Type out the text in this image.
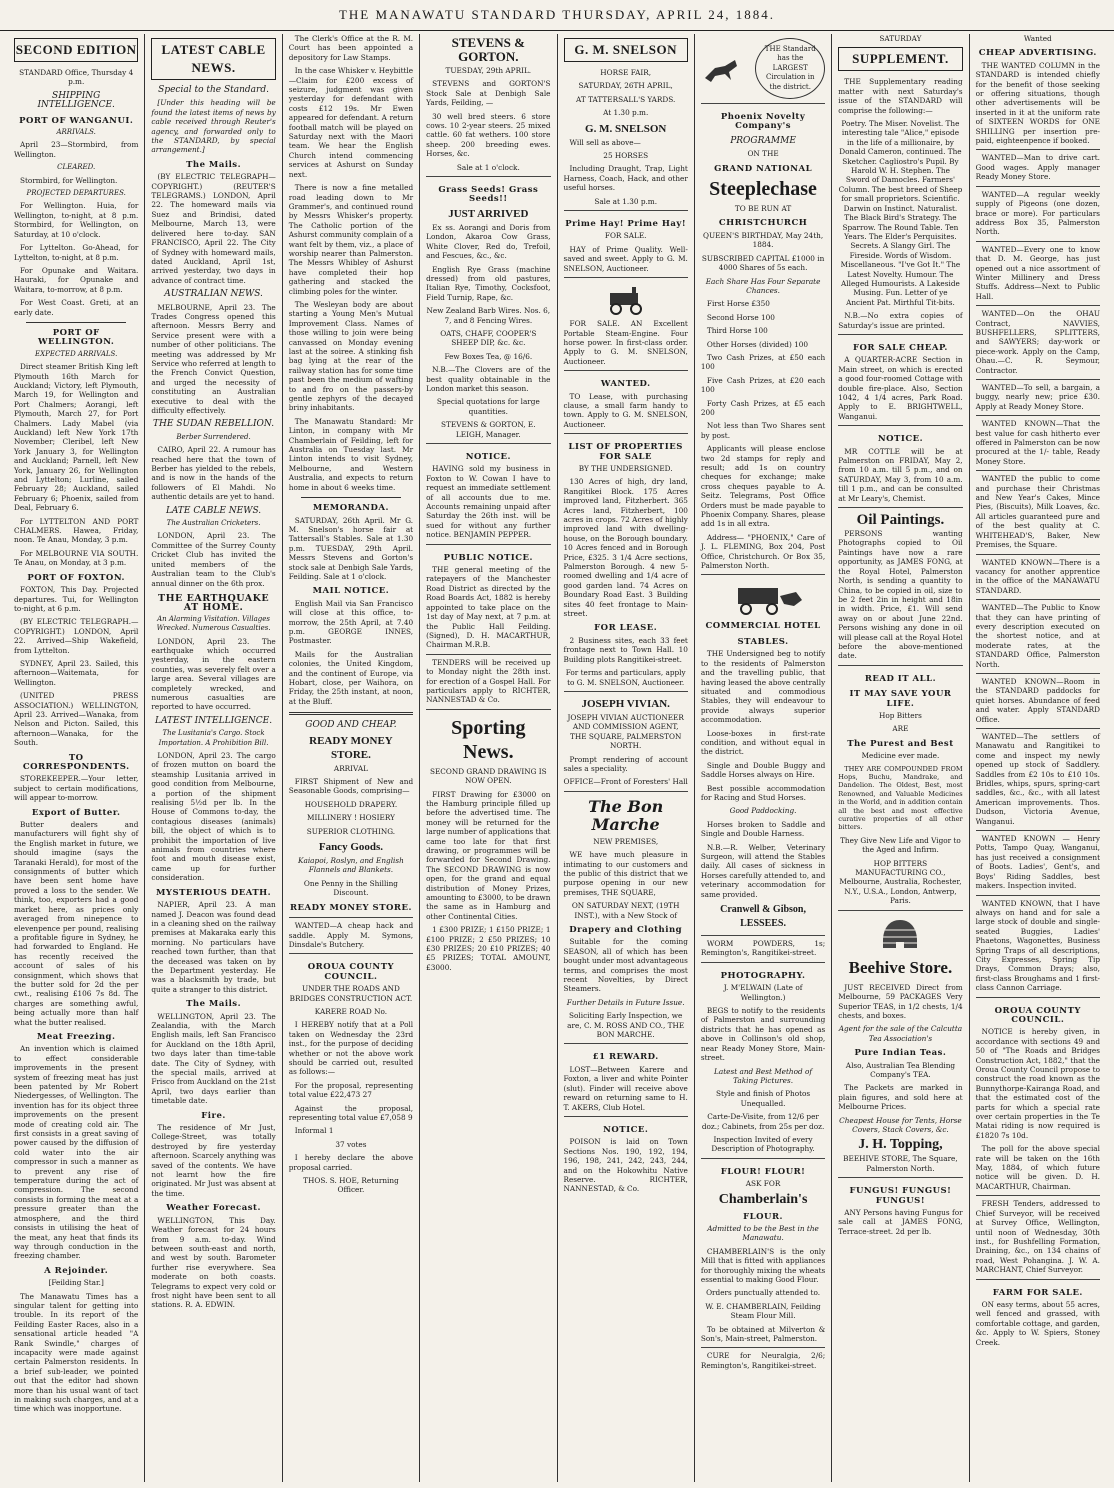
THE MANAWATU STANDARD THURSDAY, APRIL 24, 1884.
SECOND EDITION

STANDARD Office, Thursday 4 p.m.

SHIPPING INTELLIGENCE.
PORT OF WANGANUI.
ARRIVALS.

April 23—Stormbird, from Wellington.

CLEARED.

Stormbird, for Wellington.

PROJECTED DEPARTURES.

For Wellington. Huia, for Wellington, to-night, at 8 p.m. Stormbird, for Wellington, on Saturday, at 10 o'clock.

For Lyttelton. Go-Ahead, for Lyttelton, to-night, at 8 p.m.

For Opunake and Waitara. Hauraki, for Opunake and Waitara, to-morrow, at 8 p.m.

For West Coast. Greti, at an early date.

PORT OF WELLINGTON.
EXPECTED ARRIVALS.

Direct steamer British King left Plymouth 16th March for Auckland; Victory, left Plymouth, March 19, for Wellington and Port Chalmers; Aorangi, left Plymouth, March 27, for Port Chalmers. Lady Mabel (via Auckland) left New York 17th November; Cleribel, left New York January 3, for Wellington and Auckland; Parnell, left New York, January 26, for Wellington and Lyttelton; Lurline, sailed February 28; Auckland, sailed February 6; Phoenix, sailed from Deal, February 6.

For LYTTELTON AND PORT CHALMERS. Hawea, Friday, noon. Te Anau, Monday, 3 p.m.

For MELBOURNE VIA SOUTH. Te Anau, on Monday, at 3 p.m.

PORT OF FOXTON.

FOXTON, This Day. Projected departures. Tui, for Wellington to-night, at 6 p.m.

(BY ELECTRIC TELEGRAPH.—COPYRIGHT.) LONDON, April 22. Arrived—Ship Wakefield, from Lyttelton.

SYDNEY, April 23. Sailed, this afternoon—Waitemata, for Wellington.

(UNITED PRESS ASSOCIATION.) WELLINGTON, April 23. Arrived—Wanaka, from Nelson and Picton. Sailed, this afternoon—Wanaka, for the South.

TO CORRESPONDENTS.

STOREKEEPER.—Your letter, subject to certain modifications, will appear to-morrow.

Export of Butter.

Butter dealers and manufacturers will fight shy of the English market in future, we should imagine (says the Taranaki Herald), for most of the consignments of butter which have been sent home have proved a loss to the sender. We think, too, exporters had a good market here, as prices only averaged from ninepence to elevenpence per pound, realising a profitable figure in Sydney, he had forwarded to England. He has recently received the account of sales of his consignment, which shows that the butter sold for 2d the per cwt., realising £106 7s 8d. The charges are something awful, being actually more than half what the butter realised.

Meat Freezing.

An invention which is claimed to effect considerable improvements in the present system of freezing meat has just been patented by Mr Robert Niedergesses, of Wellington. The invention has for its object three improvements on the present mode of creating cold air. The first consists in a great saving of power caused by the diffusion of cold water into the air compressor in such a manner as to prevent any rise of temperature during the act of compression. The second consists in forming the meat at a pressure greater than the atmosphere, and the third consists in utilising the heat of the meat, any heat that finds its way through conduction in the freezing chamber.

A Rejoinder.

[Feilding Star.]

The Manawatu Times has a singular talent for getting into trouble. In its report of the Feilding Easter Races, also in a sensational article headed "A Rank Swindle," charges of incapacity were made against certain Palmerston residents. In a brief sub-leader, we pointed out that the editor had shown more than his usual want of tact in making such charges, and at a time which was inopportune.

LATEST CABLE NEWS.
Special to the Standard.

[Under this heading will be found the latest items of news by cable received through Reuter's agency, and forwarded only to the STANDARD, by special arrangement.]

The Mails.

(BY ELECTRIC TELEGRAPH—COPYRIGHT.) (REUTER'S TELEGRAMS.) LONDON, April 22. The homeward mails via Suez and Brindisi, dated Melbourne, March 13, were delivered here to-day. SAN FRANCISCO, April 22. The City of Sydney with homeward mails, dated Auckland, April 1st, arrived yesterday, two days in advance of contract time.

AUSTRALIAN NEWS.

MELBOURNE, April 23. The Trades Congress opened this afternoon. Messrs Berry and Service present were with a number of other politicians. The meeting was addressed by Mr Service who referred at length to the French Convict Question, and urged the necessity of constituting an Australian executive to deal with the difficulty effectively.

THE SUDAN REBELLION.
Berber Surrendered.

CAIRO, April 22. A rumour has reached here that the town of Berber has yielded to the rebels, and is now in the hands of the followers of El Mahdi. No authentic details are yet to hand.

LATE CABLE NEWS.
The Australian Cricketers.

LONDON, April 23. The Committee of the Surrey County Cricket Club has invited the united members of the Australian team to the Club's annual dinner on the 6th prox.

THE EARTHQUAKE AT HOME.
An Alarming Visitation. Villages Wrecked. Numerous Casualties.

LONDON, April 23. The earthquake which occurred yesterday, in the eastern counties, was severely felt over a large area. Several villages are completely wrecked, and numerous casualties are reported to have occurred.

LATEST INTELLIGENCE.
The Lusitania's Cargo. Stock Importation. A Prohibition Bill.

LONDON, April 23. The cargo of frozen mutton on board the steamship Lusitania arrived in good condition from Melbourne, a portion of the shipment realising 5½d per lb. In the House of Commons to-day, the contagious diseases (animals) bill, the object of which is to prohibit the importation of live animals from countries where foot and mouth disease exist, came up for further consideration.

MYSTERIOUS DEATH.

NAPIER, April 23. A man named J. Deacon was found dead in a cleaning shed on the railway premises at Makaraka early this morning. No particulars have reached town further, than that the deceased was taken on by the Department yesterday. He was a blacksmith by trade, but quite a stranger to this district.

The Mails.

WELLINGTON, April 23. The Zealandia, with the March English mails, left San Francisco for Auckland on the 18th April, two days later than time-table date. The City of Sydney, with the special mails, arrived at Frisco from Auckland on the 21st April, two days earlier than timetable date.

Fire.

The residence of Mr Just, College-Street, was totally destroyed by fire yesterday afternoon. Scarcely anything was saved of the contents. We have not learnt how the fire originated. Mr Just was absent at the time.

Weather Forecast.

WELLINGTON, This Day. Weather forecast for 24 hours from 9 a.m. to-day. Wind between south-east and north, and west by south. Barometer further rise everywhere. Sea moderate on both coasts. Telegrams to expect very cold or frost night have been sent to all stations. R. A. EDWIN.

The Clerk's Office at the R. M. Court has been appointed a depository for Law Stamps.

In the case Whisker v. Heybittle—Claim for £200 excess of seizure, judgment was given yesterday for defendant with costs £12 19s. Mr Ewen appeared for defendant. A return football match will be played on Saturday next with the Maori team. We hear the English Church intend commencing services at Ashurst on Sunday next.

There is now a fine metalled road leading down to Mr Grammer's, and continued round by Messrs Whisker's property. The Catholic portion of the Ashurst community complain of a want felt by them, viz., a place of worship nearer than Palmerston. The Messrs Whibley of Ashurst have completed their hop gathering and stacked the climbing poles for the winter.

The Wesleyan body are about starting a Young Men's Mutual Improvement Class. Names of those willing to join were being canvassed on Monday evening last at the soiree. A stinking fish bag lying at the rear of the railway station has for some time past been the medium of wafting to and fro on the passers-by gentle zephyrs of the decayed briny inhabitants.

The Manawatu Standard: Mr Linton, in company with Mr Chamberlain of Feilding, left for Australia on Tuesday last. Mr Linton intends to visit Sydney, Melbourne, and Western Australia, and expects to return home in about 6 weeks time.

MEMORANDA.

SATURDAY, 26th April. Mr G. M. Snelson's horse fair at Tattersall's Stables. Sale at 1.30 p.m. TUESDAY, 29th April. Messrs Stevens and Gorton's stock sale at Denbigh Sale Yards, Feilding. Sale at 1 o'clock.

MAIL NOTICE.

English Mail via San Francisco will close at this office, to-morrow, the 25th April, at 7.40 p.m. GEORGE INNES, Postmaster.

Mails for the Australian colonies, the United Kingdom, and the continent of Europe, via Hobart, close, per Waihora, on Friday, the 25th instant, at noon, at the Bluff.

GOOD AND CHEAP.
READY MONEY STORE.

ARRIVAL

FIRST Shipment of New and Seasonable Goods, comprising—

HOUSEHOLD DRAPERY.

MILLINERY ! HOSIERY

SUPERIOR CLOTHING.

Fancy Goods.

Kaiapoi, Roslyn, and English Flannels and Blankets.

One Penny in the Shilling Discount.

READY MONEY STORE.

WANTED—A cheap hack and saddle. Apply M. Symons, Dinsdale's Butchery.

OROUA COUNTY COUNCIL.

UNDER THE ROADS AND BRIDGES CONSTRUCTION ACT.

KARERE ROAD No.

I HEREBY notify that at a Poll taken on Wednesday the 23rd inst., for the purpose of deciding whether or not the above work should be carried out, resulted as follows:—

For the proposal, representing total value £22,473 27

Against the proposal, representing total value £7,058 9

Informal 1

37 votes

I hereby declare the above proposal carried.

THOS. S. HOE, Returning Officer.

STEVENS & GORTON.

TUESDAY, 29th APRIL.

STEVENS and GORTON'S Stock Sale at Denbigh Sale Yards, Feilding, —

30 well bred steers. 6 store cows. 10 2-year steers. 25 mixed cattle. 60 fat wethers. 100 store sheep. 200 breeding ewes. Horses, &c.

Sale at 1 o'clock.

Grass Seeds! Grass Seeds!!
JUST ARRIVED

Ex ss. Aorangi and Doris from London, Akaroa Cow Grass, White Clover, Red do, Trefoil, and Fescues, &c., &c.

English Rye Grass (machine dressed) from old pastures, Italian Rye, Timothy, Cocksfoot, Field Turnip, Rape, &c.

New Zealand Barb Wires. Nos. 6, 7, and 8 Fencing Wires.

OATS, CHAFF, COOPER'S SHEEP DIP, &c. &c.

Few Boxes Tea, @ 16/6.

N.B.—The Clovers are of the best quality obtainable in the London market this season.

Special quotations for large quantities.

STEVENS & GORTON, E. LEIGH, Manager.

NOTICE.

HAVING sold my business in Foxton to W. Cowan I have to request an immediate settlement of all accounts due to me. Accounts remaining unpaid after Saturday the 26th inst. will be sued for without any further notice. BENJAMIN PEPPER.

PUBLIC NOTICE.

THE general meeting of the ratepayers of the Manchester Road District as directed by the Road Boards Act, 1882 is hereby appointed to take place on the 1st day of May next, at 7 p.m. at the Public Hall Feilding. (Signed), D. H. MACARTHUR, Chairman M.R.B.

TENDERS will be received up to Monday night the 28th inst. for erection of a Gospel Hall. For particulars apply to RICHTER, NANNESTAD & Co.

Sporting News.

SECOND GRAND DRAWING IS NOW OPEN.

FIRST Drawing for £3000 on the Hamburg principle filled up before the advertised time. The money will be returned for the large number of applications that came too late for that first drawing, or programmes will be forwarded for Second Drawing. The SECOND DRAWING is now open, for the grand and equal distribution of Money Prizes, amounting to £3000, to be drawn the same as in Hamburg and other Continental Cities.

1 £300 PRIZE; 1 £150 PRIZE; 1 £100 PRIZE; 2 £50 PRIZES; 10 £30 PRIZES; 20 £10 PRIZES; 40 £5 PRIZES; TOTAL AMOUNT, £3000.

G. M. SNELSON

HORSE FAIR,

SATURDAY, 26TH APRIL,

AT TATTERSALL'S YARDS.

At 1.30 p.m.

G. M. SNELSON

Will sell as above—

25 HORSES

Including Draught, Trap, Light Harness, Coach, Hack, and other useful horses.

Sale at 1.30 p.m.

Prime Hay! Prime Hay!

FOR SALE.

HAY of Prime Quality. Well-saved and sweet. Apply to G. M. SNELSON, Auctioneer.

FOR SALE. AN Excellent Portable Steam-Engine. Four horse power. In first-class order. Apply to G. M. SNELSON, Auctioneer.

WANTED.

TO Lease, with purchasing clause, a small farm handy to town. Apply to G. M. SNELSON, Auctioneer.

LIST OF PROPERTIES FOR SALE

BY THE UNDERSIGNED.

130 Acres of high, dry land, Rangitikei Block. 175 Acres improved land, Fitzherbert. 365 Acres land, Fitzherbert, 100 acres in crops. 72 Acres of highly improved land with dwelling-house, on the Borough boundary. 10 Acres fenced and in Borough Price, £325. 3 1/4 Acre sections, Palmerston Borough. 4 new 5-roomed dwelling and 1/4 acre of good garden land. 74 Acres on Boundary Road East. 3 Building sites 40 feet frontage to Main-street.

FOR LEASE.

2 Business sites, each 33 feet frontage next to Town Hall. 10 Building plots Rangitikei-street.

For terms and particulars, apply to G. M. SNELSON, Auctioneer.

JOSEPH VIVIAN.

JOSEPH VIVIAN AUCTIONEER AND COMMISSION AGENT, THE SQUARE, PALMERSTON NORTH.

Prompt rendering of account sales a speciality.

OFFICE—Front of Foresters' Hall

The Bon Marche

NEW PREMISES,

WE have much pleasure in intimating to our customers and the public of this district that we purpose opening in our new premises, THE SQUARE,

ON SATURDAY NEXT, (19TH INST.), with a New Stock of

Drapery and Clothing

Suitable for the coming SEASON, all of which has been bought under most advantageous terms, and comprises the most recent Novelties, by Direct Steamers.

Further Details in Future Issue.

Soliciting Early Inspection, we are, C. M. ROSS AND CO., THE BON MARCHE.

£1 REWARD.

LOST—Between Karere and Foxton, a liver and white Pointer (slut). Finder will receive above reward on returning same to H. T. AKERS, Club Hotel.

NOTICE.

POISON is laid on Town Sections Nos. 190, 192, 194, 196, 198, 241, 242, 243, 244, and on the Hokowhitu Native Reserve. RICHTER, NANNESTAD, & Co.

THE Standard has the LARGEST Circulation in the district.
Phoenix Novelty Company's
PROGRAMME

ON THE

GRAND NATIONAL
Steeplechase

TO BE RUN AT

CHRISTCHURCH

QUEEN'S BIRTHDAY, May 24th, 1884.

SUBSCRIBED CAPITAL £1000 in 4000 Shares of 5s each.

Each Share Has Four Separate Chances.

First Horse £350

Second Horse 100

Third Horse 100

Other Horses (divided) 100

Two Cash Prizes, at £50 each 100

Five Cash Prizes, at £20 each 100

Forty Cash Prizes, at £5 each 200

Not less than Two Shares sent by post.

Applicants will please enclose two 2d stamps for reply and result; add 1s on country cheques for exchange; make cross cheques payable to A. Seitz. Telegrams, Post Office Orders must be made payable to Phoenix Company. Shares, please add 1s in all extra.

Address— "PHOENIX," Care of J. L. FLEMING, Box 204, Post Office, Christchurch. Or Box 35, Palmerston North.

COMMERCIAL HOTEL
STABLES.

THE Undersigned beg to notify to the residents of Palmerston and the travelling public, that having leased the above centrally situated and commodious Stables, they will endeavour to provide always superior accommodation.

Loose-boxes in first-rate condition, and without equal in the district.

Single and Double Buggy and Saddle Horses always on Hire.

Best possible accommodation for Racing and Stud Horses.

Good Paddocking.

Horses broken to Saddle and Single and Double Harness.

N.B.—R. Welber, Veterinary Surgeon, will attend the Stables daily. All cases of sickness in Horses carefully attended to, and veterinary accommodation for same provided.

Cranwell & Gibson, LESSEES.

WORM POWDERS, 1s; Remington's, Rangitikei-street.

PHOTOGRAPHY.

J. M'ELWAIN (Late of Wellington.)

BEGS to notify to the residents of Palmerston and surrounding districts that he has opened as above in Collinson's old shop, near Ready Money Store, Main-street.

Latest and Best Method of Taking Pictures.

Style and finish of Photos Unequalled.

Carte-De-Visite, from 12/6 per doz.; Cabinets, from 25s per doz.

Inspection Invited of every Description of Photography.

FLOUR! FLOUR!

ASK FOR

Chamberlain's
FLOUR.

Admitted to be the Best in the Manawatu.

CHAMBERLAIN'S is the only Mill that is fitted with appliances for thoroughly mixing the wheats essential to making Good Flour.

Orders punctually attended to.

W. E. CHAMBERLAIN, Feilding Steam Flour Mill.

To be obtained at Milverton & Son's, Main-street, Palmerston.

CURE for Neuralgia, 2/6; Remington's, Rangitikei-street.

SATURDAY

SUPPLEMENT.

THE Supplementary reading matter with next Saturday's issue of the STANDARD will comprise the following:—

Poetry. The Miser. Novelist. The interesting tale "Alice," episode in the life of a millionaire, by Donald Cameron, continued. The Sketcher. Cagliostro's Pupil. By Harold W. H. Stephen. The Sword of Damocles. Farmers' Column. The best breed of Sheep for small proprietors. Scientific. Darwin on Instinct. Naturalist. The Black Bird's Strategy. The Sparrow. The Round Table. Ten Years. The Elder's Perquisites. Secrets. A Slangy Girl. The Fireside. Words of Wisdom. Miscellaneous. "I've Got It." The Latest Novelty. Humour. The Alleged Humourists. A Lakeside Musing. Fun. Letter of ye Ancient Pat. Mirthful Tit-bits.

N.B.—No extra copies of Saturday's issue are printed.

FOR SALE CHEAP.

A QUARTER-ACRE Section in Main street, on which is erected a good four-roomed Cottage with double fire-place. Also, Section 1042, 4 1/4 acres, Park Road. Apply to E. BRIGHTWELL, Wanganui.

NOTICE.

MR COTTLE will be at Palmerston on FRIDAY, May 2, from 10 a.m. till 5 p.m., and on SATURDAY, May 3, from 10 a.m. till 1 p.m., and can be consulted at Mr Leary's, Chemist.

Oil Paintings.

PERSONS wanting Photographs copied to Oil Paintings have now a rare opportunity, as JAMES FONG, at the Royal Hotel, Palmerston North, is sending a quantity to China, to be copied in oil, size to be 2 feet 2in in height and 18in in width. Price, £1. Will send away on or about June 22nd. Persons wishing any done in oil will please call at the Royal Hotel before the above-mentioned date.

READ IT ALL.
IT MAY SAVE YOUR LIFE.

Hop Bitters

ARE

The Purest and Best

Medicine ever made.

THEY ARE COMPOUNDED FROM Hops, Buchu, Mandrake, and Dandelion. The Oldest, Best, most Renowned, and Valuable Medicines in the World, and in addition contain all the best and most effective curative properties of all other bitters.

They Give New Life and Vigor to the Aged and Infirm.

HOP BITTERS MANUFACTURING CO., Melbourne, Australia, Rochester, N.Y., U.S.A., London, Antwerp, Paris.

Beehive Store.

JUST RECEIVED Direct from Melbourne, 59 PACKAGES Very Superior TEAS, in 1/2 chests, 1/4 chests, and boxes.

Agent for the sale of the Calcutta Tea Association's

Pure Indian Teas.

Also, Australian Tea Blending Company's TEA.

The Packets are marked in plain figures, and sold here at Melbourne Prices.

Cheapest House for Tents, Horse Covers, Stack Covers, &c.

J. H. Topping,

BEEHIVE STORE, The Square, Palmerston North.

FUNGUS! FUNGUS! FUNGUS!

ANY Persons having Fungus for sale call at JAMES FONG, Terrace-street. 2d per lb.

Wanted

CHEAP ADVERTISING.

THE WANTED COLUMN in the STANDARD is intended chiefly for the benefit of those seeking or offering situations, though other advertisements will be inserted in it at the uniform rate of SIXTEEN WORDS for ONE SHILLING per insertion pre-paid, eighteenpence if booked.

WANTED—Man to drive cart. Good wages. Apply manager Ready Money Store.

WANTED—A regular weekly supply of Pigeons (one dozen, brace or more). For particulars address Box 35, Palmerston North.

WANTED—Every one to know that D. M. George, has just opened out a nice assortment of Winter Millinery and Dress Stuffs. Address—Next to Public Hall.

WANTED—On the OHAU Contract, NAVVIES, BUSHFELLERS, SPLITTERS, and SAWYERS; day-work or piece-work. Apply on the Camp, Ohau.—C. R. Seymour, Contractor.

WANTED—To sell, a bargain, a buggy, nearly new; price £30. Apply at Ready Money Store.

WANTED KNOWN—That the best value for cash hitherto ever offered in Palmerston can be now procured at the 1/- table, Ready Money Store.

WANTED the public to come and purchase their Christmas and New Year's Cakes, Mince Pies, (Biscuits), Milk Loaves, &c. All articles guaranteed pure and of the best quality at C. WHITEHEAD'S, Baker, New Premises, the Square.

WANTED KNOWN—There is a vacancy for another apprentice in the office of the MANAWATU STANDARD.

WANTED—The Public to Know that they can have printing of every description executed on the shortest notice, and at moderate rates, at the STANDARD Office, Palmerston North.

WANTED KNOWN—Room in the STANDARD paddocks for quiet horses. Abundance of feed and water. Apply STANDARD Office.

WANTED—The settlers of Manawatu and Rangitikei to come and inspect my newly opened up stock of Saddlery. Saddles from £2 10s to £10 10s. Bridles, whips, spurs, spring-cart saddles, &c., &c., with all latest American improvements. Thos. Dudson, Victoria Avenue, Wanganui.

WANTED KNOWN — Henry Potts, Tampo Quay, Wanganui, has just received a consignment of Boots. Ladies', Gent's, and Boys' Riding Saddles, best makers. Inspection invited.

WANTED KNOWN, that I have always on hand and for sale a large stock of double and single-seated Buggies, Ladies' Phaetons, Wagonettes, Business Spring Traps of all descriptions, City Expresses, Spring Tip Drays, Common Drays; also, first-class Broughams and 1 first-class Cannon Carriage.

OROUA COUNTY COUNCIL.

NOTICE is hereby given, in accordance with sections 49 and 50 of "The Roads and Bridges Construction Act, 1882," that the Oroua County Council propose to construct the road known as the Bunnythorpe-Kairanga Road, and that the estimated cost of the parts for which a special rate over certain properties in the Te Matai riding is now required is £1820 7s 10d.

The poll for the above special rate will be taken on the 16th May, 1884, of which future notice will be given. D. H. MACARTHUR, Chairman.

FRESH Tenders, addressed to Chief Surveyor, will be received at Survey Office, Wellington, until noon of Wednesday, 30th inst., for Bushfelling Formation, Draining, &c., on 134 chains of road, West Pohangina. J. W. A. MARCHANT, Chief Surveyor.

FARM FOR SALE.

ON easy terms, about 55 acres, well fenced and grassed, with comfortable cottage, and garden, &c. Apply to W. Spiers, Stoney Creek.
